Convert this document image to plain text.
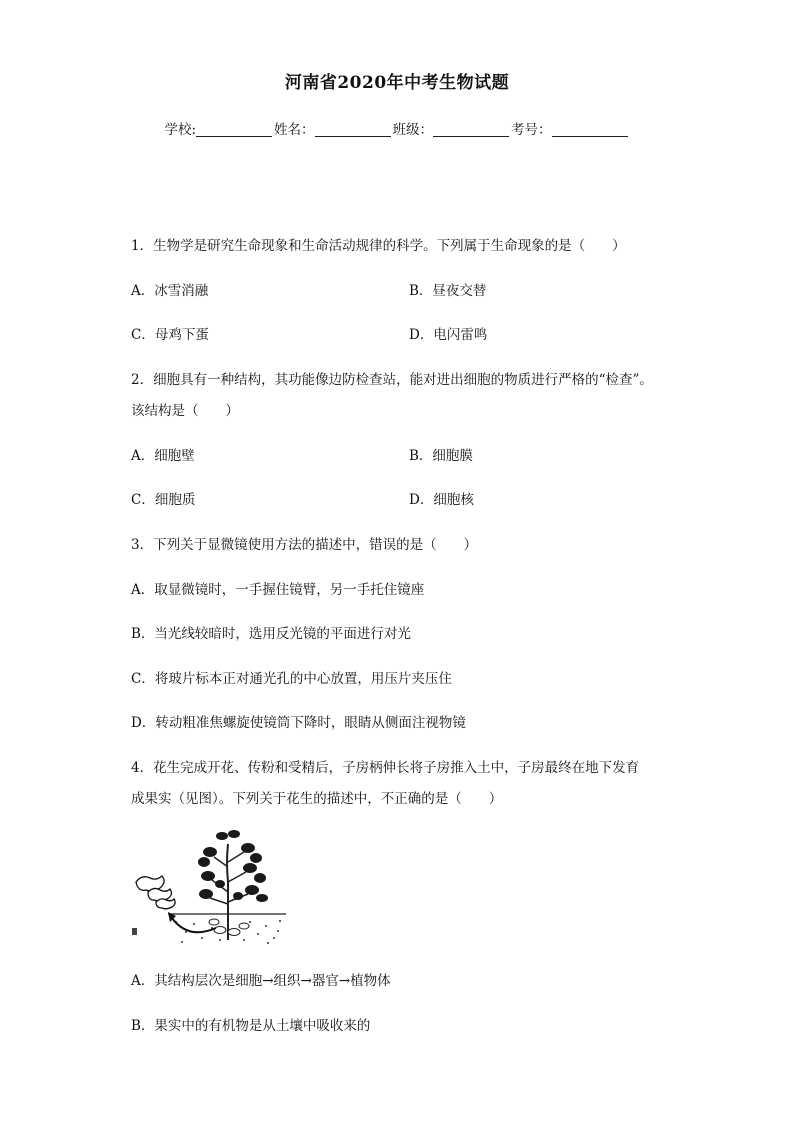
河南省2020年中考生物试题
学校:	姓名：	班级：	考号：
1．生物学是研究生命现象和生命活动规律的科学。下列属于生命现象的是（　　）
A．冰雪消融	B．昼夜交替
C．母鸡下蛋	D．电闪雷鸣
2．细胞具有一种结构，其功能像边防检查站，能对进出细胞的物质进行严格的“检查”。
该结构是（　　）
A．细胞壁	B．细胞膜
C．细胞质	D．细胞核
3．下列关于显微镜使用方法的描述中，错误的是（　　）
A．取显微镜时，一手握住镜臂，另一手托住镜座
B．当光线较暗时，选用反光镜的平面进行对光
C．将玻片标本正对通光孔的中心放置，用压片夹压住
D．转动粗准焦螺旋使镜筒下降时，眼睛从侧面注视物镜
4．花生完成开花、传粉和受精后，子房柄伸长将子房推入土中，子房最终在地下发育
成果实（见图）。下列关于花生的描述中，不正确的是（　　）
A．其结构层次是细胞→组织→器官→植物体
B．果实中的有机物是从土壤中吸收来的
